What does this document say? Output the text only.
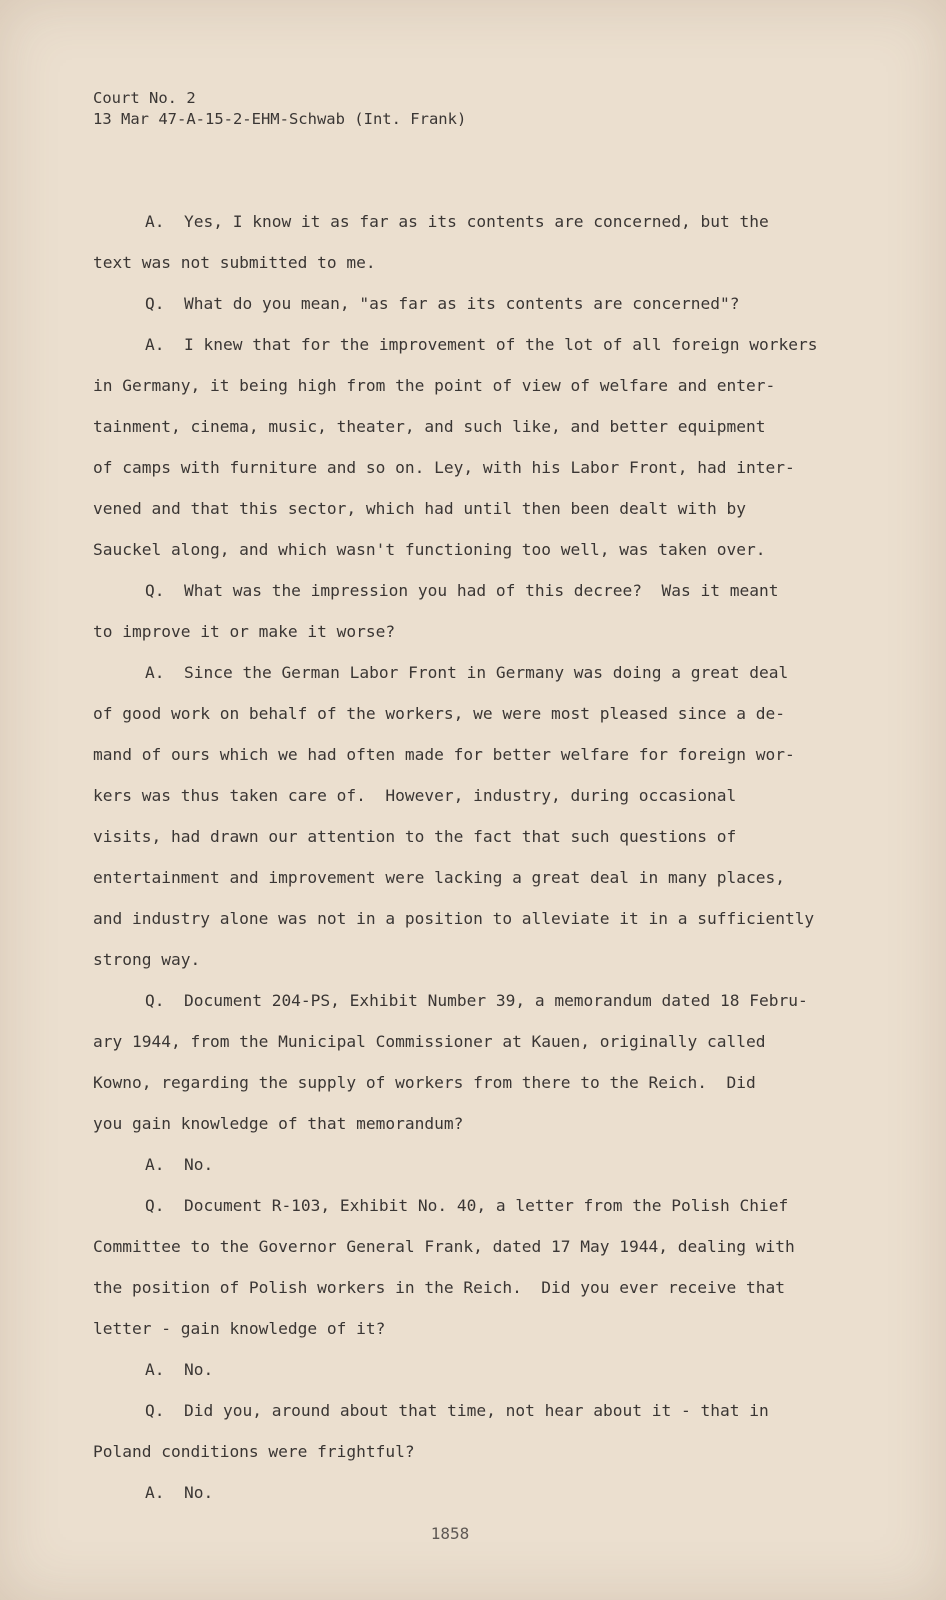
Court No. 2
13 Mar 47-A-15-2-EHM-Schwab (Int. Frank)
A.  Yes, I know it as far as its contents are concerned, but the
text was not submitted to me.
Q.  What do you mean, "as far as its contents are concerned"?
A.  I knew that for the improvement of the lot of all foreign workers
in Germany, it being high from the point of view of welfare and enter-
tainment, cinema, music, theater, and such like, and better equipment
of camps with furniture and so on. Ley, with his Labor Front, had inter-
vened and that this sector, which had until then been dealt with by
Sauckel along, and which wasn't functioning too well, was taken over.
Q.  What was the impression you had of this decree?  Was it meant
to improve it or make it worse?
A.  Since the German Labor Front in Germany was doing a great deal
of good work on behalf of the workers, we were most pleased since a de-
mand of ours which we had often made for better welfare for foreign wor-
kers was thus taken care of.  However, industry, during occasional
visits, had drawn our attention to the fact that such questions of
entertainment and improvement were lacking a great deal in many places,
and industry alone was not in a position to alleviate it in a sufficiently
strong way.
Q.  Document 204-PS, Exhibit Number 39, a memorandum dated 18 Febru-
ary 1944, from the Municipal Commissioner at Kauen, originally called
Kowno, regarding the supply of workers from there to the Reich.  Did
you gain knowledge of that memorandum?
A.  No.
Q.  Document R-103, Exhibit No. 40, a letter from the Polish Chief
Committee to the Governor General Frank, dated 17 May 1944, dealing with
the position of Polish workers in the Reich.  Did you ever receive that
letter - gain knowledge of it?
A.  No.
Q.  Did you, around about that time, not hear about it - that in
Poland conditions were frightful?
A.  No.
1858
